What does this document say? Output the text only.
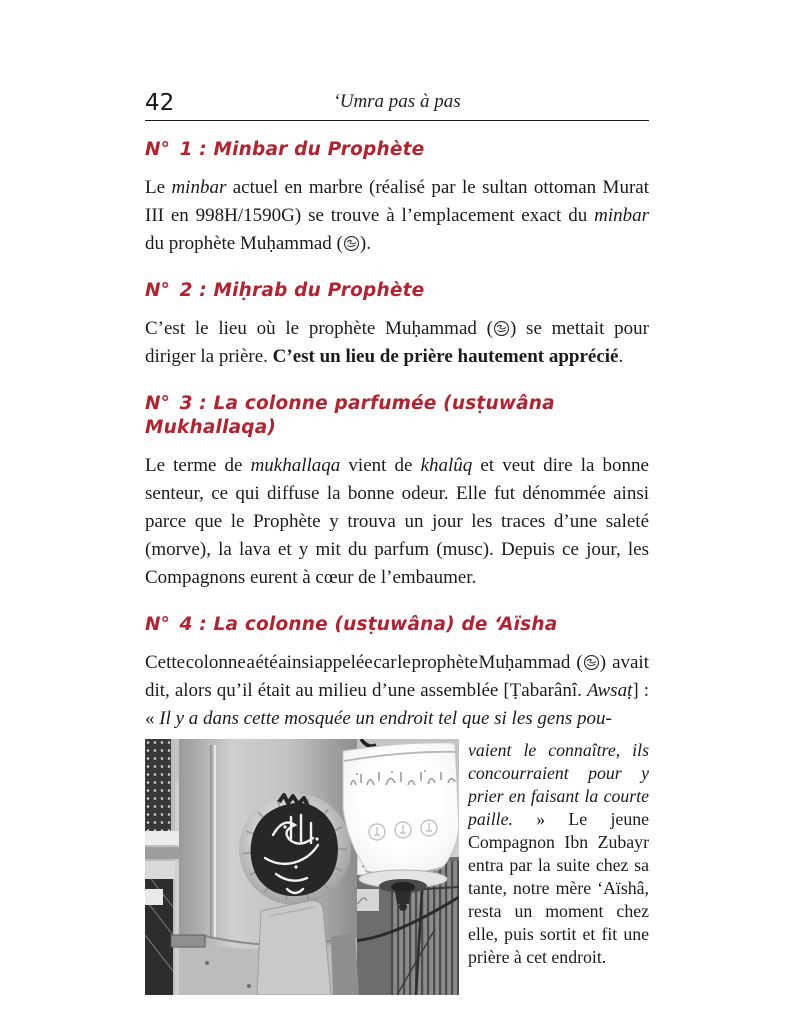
42	‘Umra pas à pas
N° 1 : Minbar du Prophète

Le minbar actuel en marbre (réalisé par le sultan ottoman Murat III en 998H/1590G) se trouve à l’emplacement exact du minbar du prophète Muḥammad ( ).

N° 2 : Miḥrab du Prophète

C’est le lieu où le prophète Muḥammad ( ) se mettait pour diriger la prière. C’est un lieu de prière hautement apprécié.

N° 3 : La colonne parfumée (usṭuwâna Mukhallaqa)

Le terme de mukhallaqa vient de khalûq et veut dire la bonne senteur, ce qui diffuse la bonne odeur. Elle fut dénommée ainsi parce que le Prophète y trouva un jour les traces d’une saleté (morve), la lava et y mit du parfum (musc). Depuis ce jour, les Compagnons eurent à cœur de l’embaumer.

N° 4 : La colonne (usṭuwâna) de ‘Aïsha

Cette colonne a été ainsi appelée car le prophète Muḥammad ( ) avait dit, alors qu’il était au milieu d’une assemblée [Ṭabarânî. Awsaṭ] : « Il y a dans cette mosquée un endroit tel que si les gens pou-

vaient le connaître, ils concourraient pour y prier en faisant la courte paille. » Le jeune Compagnon Ibn Zubayr entra par la suite chez sa tante, notre mère ‘Aïshâ, resta un moment chez elle, puis sortit et fit une prière à cet endroit.
